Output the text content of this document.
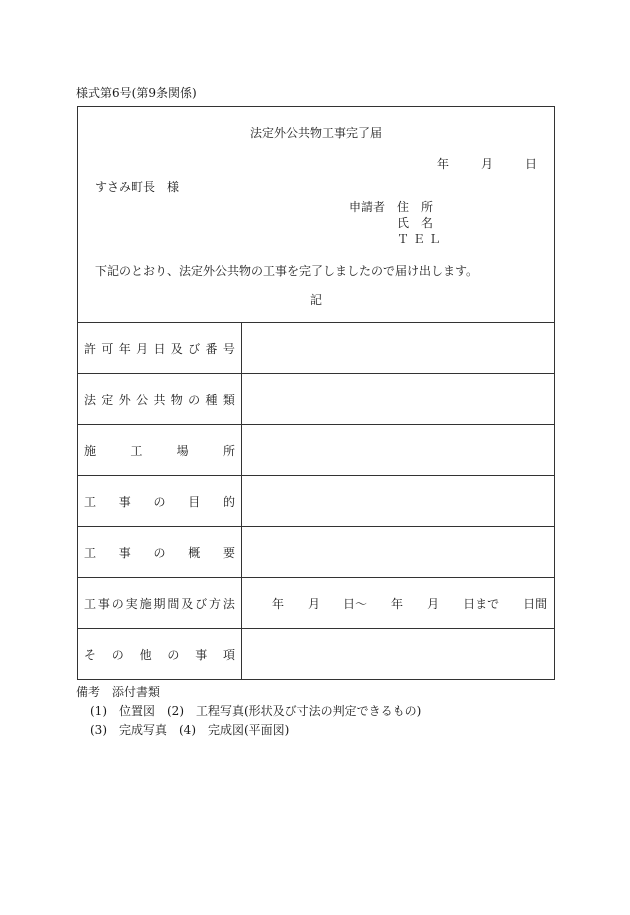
様式第6号(第9条関係)
法定外公共物工事完了届
年	月	日
すさみ町長　様
申請者 住　所
氏　名
Ｔ Ｅ Ｌ
下記のとおり、法定外公共物の工事を完了しましたので届け出します。
記
許 可 年 月 日 及 び 番 号
法 定 外 公 共 物 の 種 類
施	工	場	所
工 事 の 目 的
工 事 の 概 要
工 事 の 実 施 期 間 及 び 方 法	年 月 日〜 年 月 日まで 日間
そ の 他 の 事 項
備考　添付書類
(1)　位置図　(2)　工程写真(形状及び寸法の判定できるもの)
(3)　完成写真　(4)　完成図(平面図)
